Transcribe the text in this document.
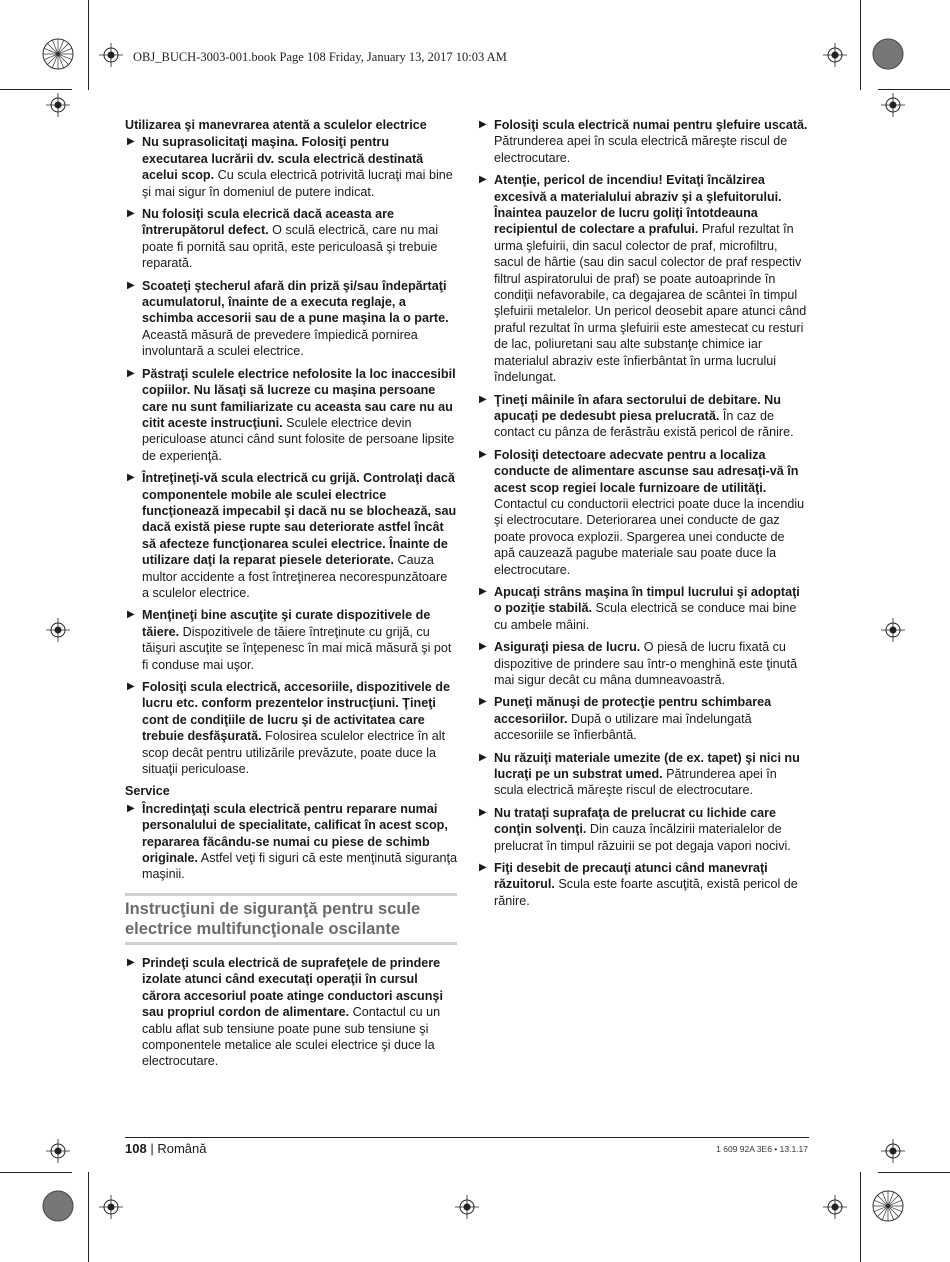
OBJ_BUCH-3003-001.book Page 108 Friday, January 13, 2017 10:03 AM
Utilizarea şi manevrarea atentă a sculelor electrice
▶ Nu suprasolicitaţi maşina. Folosiţi pentru executarea lucrării dv. scula electrică destinată acelui scop. Cu scula electrică potrivită lucraţi mai bine şi mai sigur în domeniul de putere indicat.
▶ Nu folosiţi scula elecrică dacă aceasta are întrerupătorul defect. O sculă electrică, care nu mai poate fi pornită sau oprită, este periculoasă şi trebuie reparată.
▶ Scoateţi ştecherul afară din priză şi/sau îndepărtaţi acumulatorul, înainte de a executa reglaje, a schimba accesorii sau de a pune maşina la o parte. Această măsură de prevedere împiedică pornirea involuntară a sculei electrice.
▶ Păstraţi sculele electrice nefolosite la loc inaccesibil copiilor. Nu lăsaţi să lucreze cu maşina persoane care nu sunt familiarizate cu aceasta sau care nu au citit aceste instrucţiuni. Sculele electrice devin periculoase atunci când sunt folosite de persoane lipsite de experienţă.
▶ Întreţineţi-vă scula electrică cu grijă. Controlaţi dacă componentele mobile ale sculei electrice funcţionează impecabil şi dacă nu se blochează, sau dacă există piese rupte sau deteriorate astfel încât să afecteze funcţionarea sculei electrice. Înainte de utilizare daţi la reparat piesele deteriorate. Cauza multor accidente a fost întreţinerea necorespunzătoare a sculelor electrice.
▶ Menţineţi bine ascuţite şi curate dispozitivele de tăiere. Dispozitivele de tăiere întreţinute cu grijă, cu tăişuri ascuţite se înţepenesc în mai mică măsură şi pot fi conduse mai uşor.
▶ Folosiţi scula electrică, accesoriile, dispozitivele de lucru etc. conform prezentelor instrucţiuni. Ţineţi cont de condiţiile de lucru şi de activitatea care trebuie desfăşurată. Folosirea sculelor electrice în alt scop decât pentru utilizările prevăzute, poate duce la situaţii periculoase.
Service
▶ Încredinţaţi scula electrică pentru reparare numai personalului de specialitate, calificat în acest scop, repararea făcându-se numai cu piese de schimb originale. Astfel veţi fi siguri că este menţinută siguranţa maşinii.
Instrucţiuni de siguranţă pentru scule electrice multifuncţionale oscilante
▶ Prindeţi scula electrică de suprafeţele de prindere izolate atunci când executaţi operaţii în cursul cărora accesoriul poate atinge conductori ascunşi sau propriul cordon de alimentare. Contactul cu un cablu aflat sub tensiune poate pune sub tensiune şi componentele metalice ale sculei electrice şi duce la electrocutare.
▶ Folosiţi scula electrică numai pentru şlefuire uscată. Pătrunderea apei în scula electrică măreşte riscul de electrocutare.
▶ Atenţie, pericol de incendiu! Evitaţi încălzirea excesivă a materialului abraziv şi a şlefuitorului. Înaintea pauzelor de lucru goliţi întotdeauna recipientul de colectare a prafului. Praful rezultat în urma şlefuirii, din sacul colector de praf, microfiltru, sacul de hârtie (sau din sacul colector de praf respectiv filtrul aspiratorului de praf) se poate autoaprinde în condiţii nefavorabile, ca degajarea de scântei în timpul şlefuirii metalelor. Un pericol deosebit apare atunci când praful rezultat în urma şlefuirii este amestecat cu resturi de lac, poliuretani sau alte substanţe chimice iar materialul abraziv este înfierbântat în urma lucrului îndelungat.
▶ Ţineţi mâinile în afara sectorului de debitare. Nu apucaţi pe dedesubt piesa prelucrată. În caz de contact cu pânza de ferăstrău există pericol de rănire.
▶ Folosiţi detectoare adecvate pentru a localiza conducte de alimentare ascunse sau adresaţi-vă în acest scop regiei locale furnizoare de utilităţi. Contactul cu conductorii electrici poate duce la incendiu şi electrocutare. Deteriorarea unei conducte de gaz poate provoca explozii. Spargerea unei conducte de apă cauzează pagube materiale sau poate duce la electrocutare.
▶ Apucaţi strâns maşina în timpul lucrului şi adoptaţi o poziţie stabilă. Scula electrică se conduce mai bine cu ambele mâini.
▶ Asiguraţi piesa de lucru. O piesă de lucru fixată cu dispozitive de prindere sau într-o menghină este ţinută mai sigur decât cu mâna dumneavoastră.
▶ Puneţi mănuşi de protecţie pentru schimbarea accesoriilor. După o utilizare mai îndelungată accesoriile se înfierbântă.
▶ Nu răzuiţi materiale umezite (de ex. tapet) şi nici nu lucraţi pe un substrat umed. Pătrunderea apei în scula electrică măreşte riscul de electrocutare.
▶ Nu trataţi suprafaţa de prelucrat cu lichide care conţin solvenţi. Din cauza încălzirii materialelor de prelucrat în timpul răzuirii se pot degaja vapori nocivi.
▶ Fiţi desebit de precauţi atunci când manevraţi răzuitorul. Scula este foarte ascuţită, există pericol de rănire.
108 | Română	1 609 92A 3E6 • 13.1.17
